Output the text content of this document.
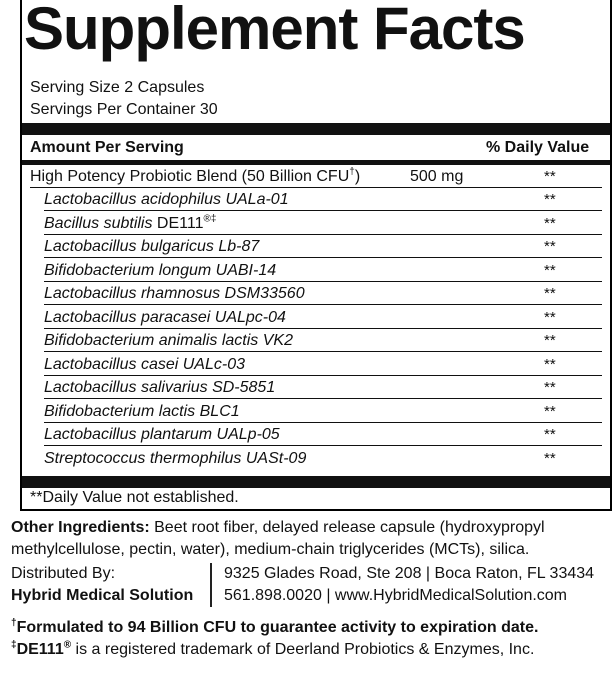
Supplement Facts
Serving Size 2 Capsules
Servings Per Container 30
Amount Per Serving	% Daily Value
High Potency Probiotic Blend (50 Billion CFU†)	500 mg	**
Lactobacillus acidophilus UALa-01	**
Bacillus subtilis DE111®‡	**
Lactobacillus bulgaricus Lb-87	**
Bifidobacterium longum UABI-14	**
Lactobacillus rhamnosus DSM33560	**
Lactobacillus paracasei UALpc-04	**
Bifidobacterium animalis lactis VK2	**
Lactobacillus casei UALc-03	**
Lactobacillus salivarius SD-5851	**
Bifidobacterium lactis BLC1	**
Lactobacillus plantarum UALp-05	**
Streptococcus thermophilus UASt-09	**
**Daily Value not established.
Other Ingredients: Beet root fiber, delayed release capsule (hydroxypropyl
methylcellulose, pectin, water), medium-chain triglycerides (MCTs), silica.
Distributed By:
Hybrid Medical Solution
9325 Glades Road, Ste 208 | Boca Raton, FL 33434
561.898.0020 | www.HybridMedicalSolution.com
†Formulated to 94 Billion CFU to guarantee activity to expiration date.
‡DE111® is a registered trademark of Deerland Probiotics & Enzymes, Inc.
